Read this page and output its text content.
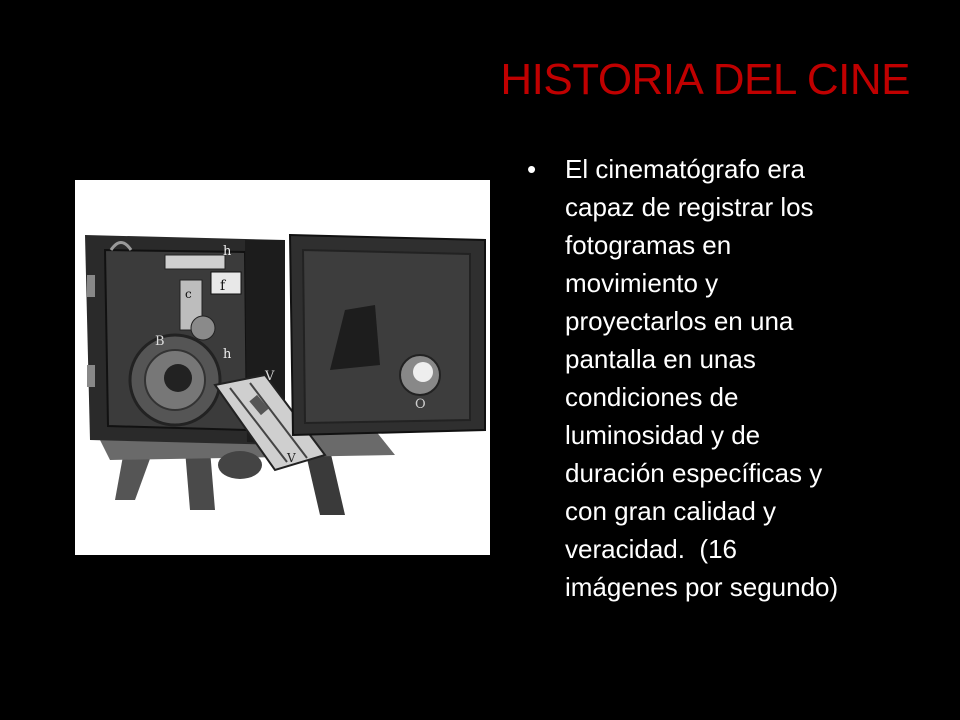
HISTORIA DEL CINE
f
h
c
B
h
V
V
O
• El cinematógrafo era
capaz de registrar los
fotogramas en
movimiento y
proyectarlos en una
pantalla en unas
condiciones de
luminosidad y de
duración específicas y
con gran calidad y
veracidad.  (16
imágenes por segundo)
